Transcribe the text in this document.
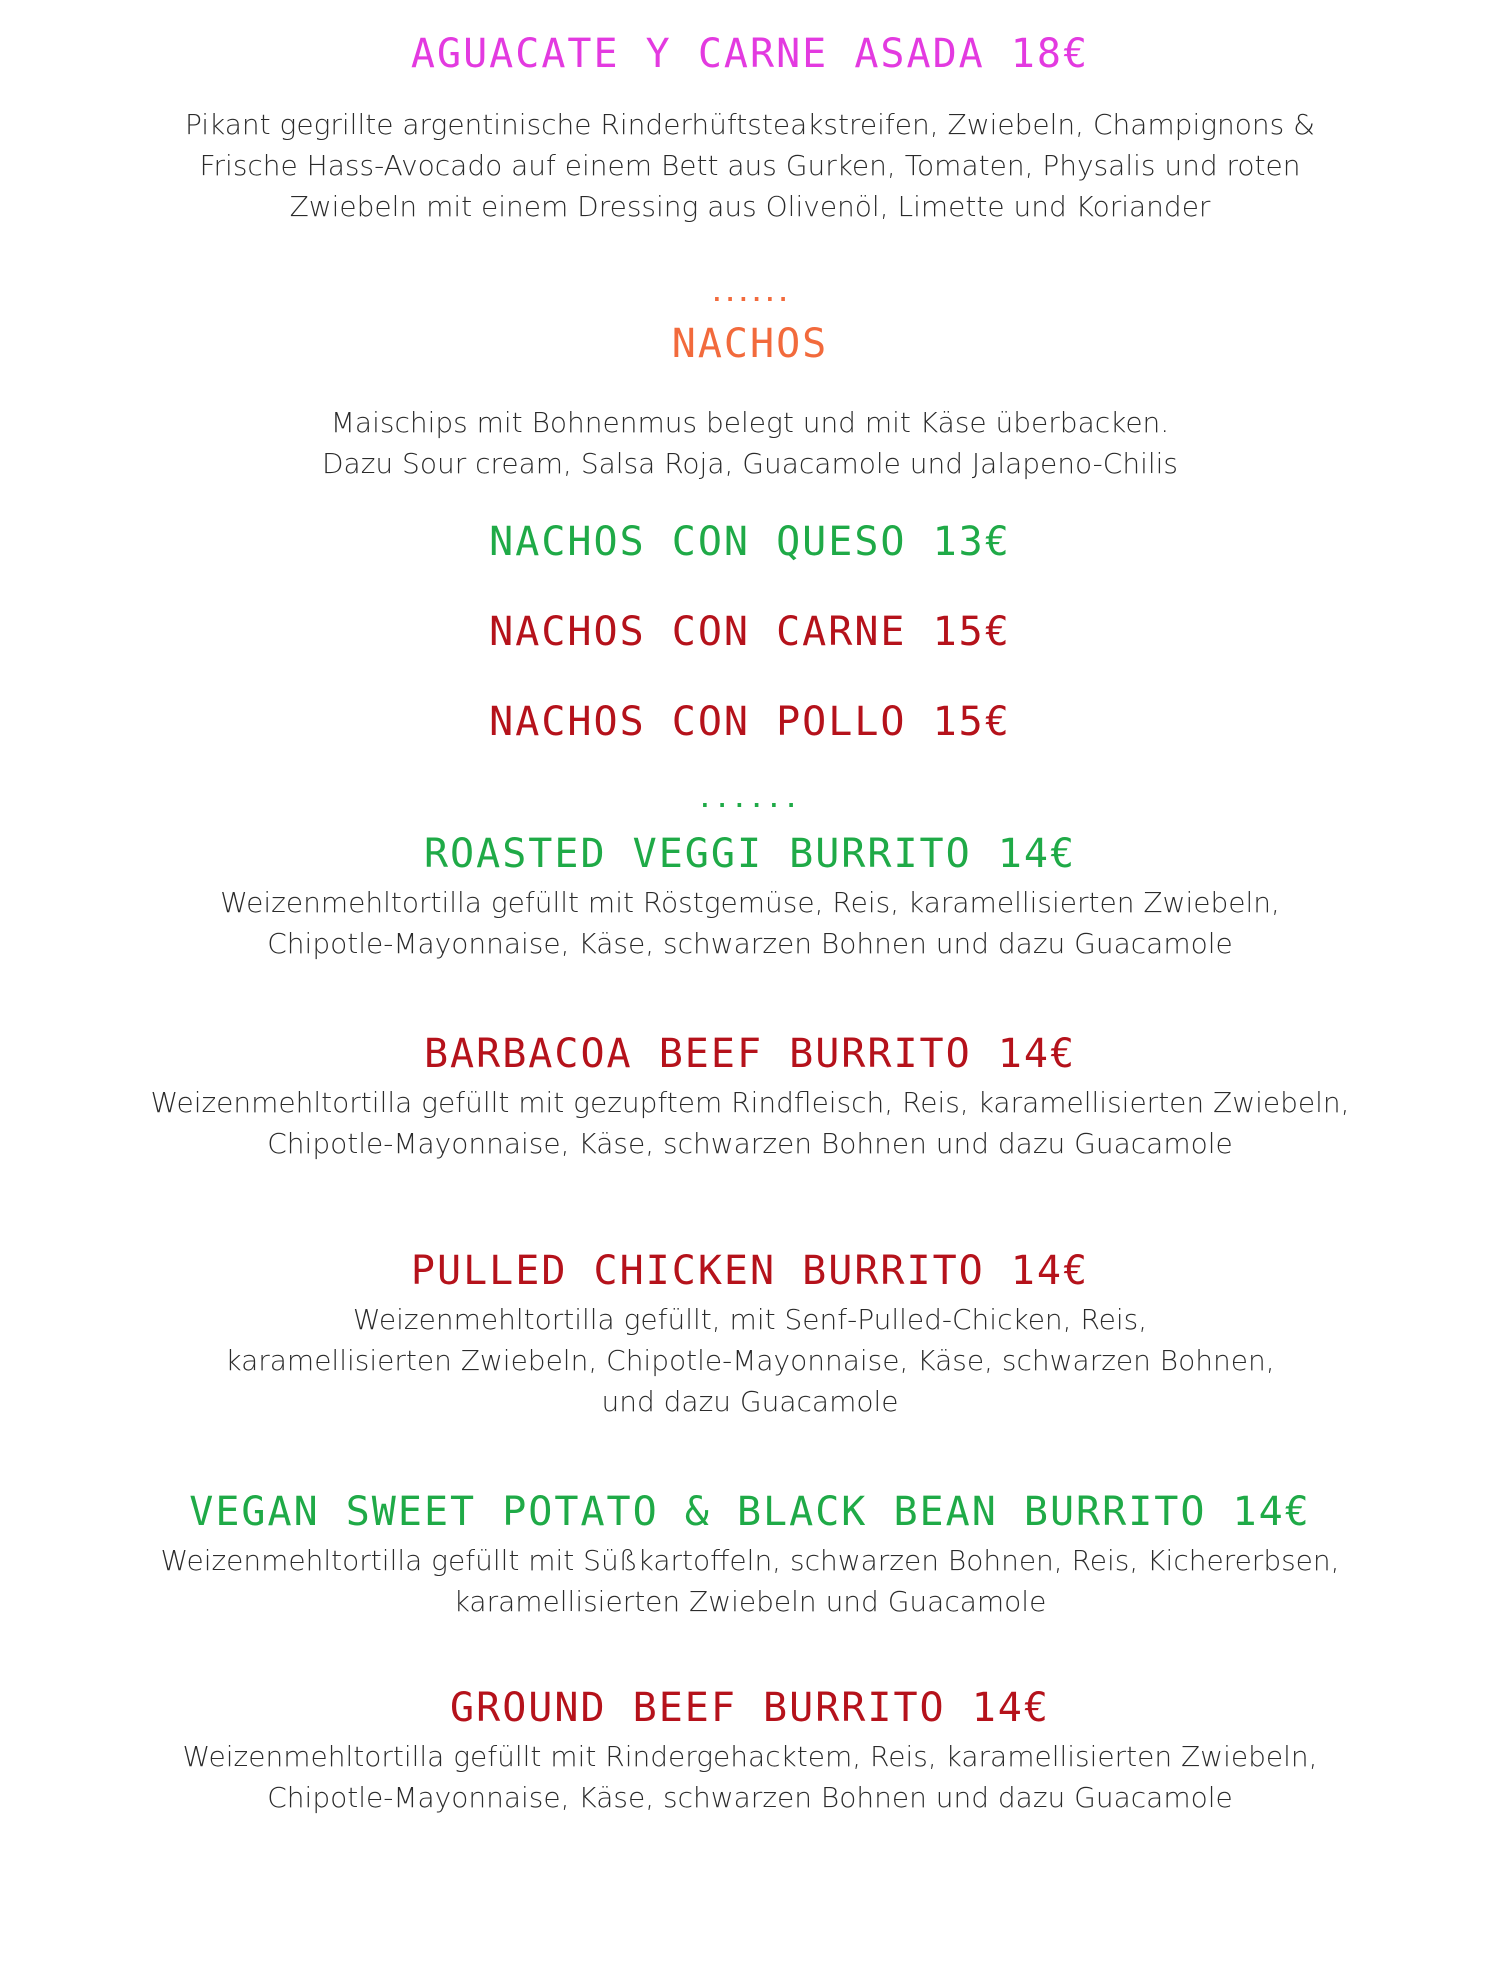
AGUACATE Y CARNE ASADA 18€
Pikant gegrillte argentinische Rinderhüftsteakstreifen, Zwiebeln, Champignons &
Frische Hass-Avocado auf einem Bett aus Gurken, Tomaten, Physalis und roten
Zwiebeln mit einem Dressing aus Olivenöl, Limette und Koriander
......
NACHOS
Maischips mit Bohnenmus belegt und mit Käse überbacken.
Dazu Sour cream, Salsa Roja, Guacamole und Jalapeno-Chilis
NACHOS CON QUESO 13€
NACHOS CON CARNE 15€
NACHOS CON POLLO 15€
......
ROASTED VEGGI BURRITO 14€
Weizenmehltortilla gefüllt mit Röstgemüse, Reis, karamellisierten Zwiebeln,
Chipotle-Mayonnaise, Käse, schwarzen Bohnen und dazu Guacamole
BARBACOA BEEF BURRITO 14€
Weizenmehltortilla gefüllt mit gezupftem Rindfleisch, Reis, karamellisierten Zwiebeln,
Chipotle-Mayonnaise, Käse, schwarzen Bohnen und dazu Guacamole
PULLED CHICKEN BURRITO 14€
Weizenmehltortilla gefüllt, mit Senf-Pulled-Chicken, Reis,
karamellisierten Zwiebeln, Chipotle-Mayonnaise, Käse, schwarzen Bohnen,
und dazu Guacamole
VEGAN SWEET POTATO & BLACK BEAN BURRITO 14€
Weizenmehltortilla gefüllt mit Süßkartoffeln, schwarzen Bohnen, Reis, Kichererbsen,
karamellisierten Zwiebeln und Guacamole
GROUND BEEF BURRITO 14€
Weizenmehltortilla gefüllt mit Rindergehacktem, Reis, karamellisierten Zwiebeln,
Chipotle-Mayonnaise, Käse, schwarzen Bohnen und dazu Guacamole
